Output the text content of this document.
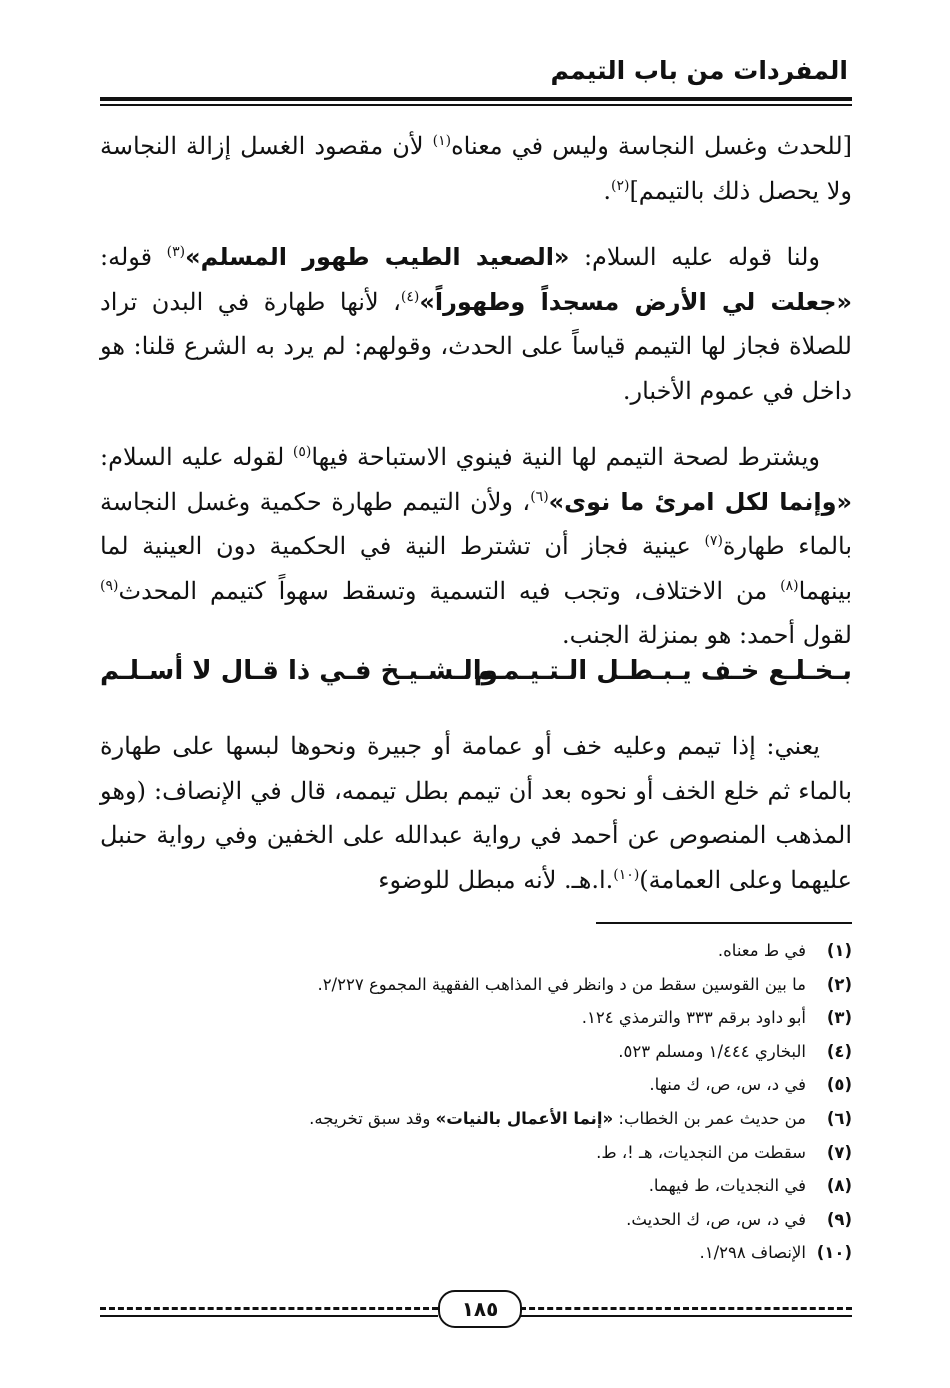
المفردات من باب التيمم

[للحدث وغسل النجاسة وليس في معناه$^{(١)}$ لأن مقصود الغسل إزالة النجاسة ولا يحصل ذلك بالتيمم]$^{(٢)}$.

ولنا قوله عليه السلام: «الصعيد الطيب طهور المسلم»$^{(٣)}$ قوله: «جعلت لي الأرض مسجداً وطهوراً»$^{(٤)}$، لأنها طهارة في البدن تراد للصلاة فجاز لها التيمم قياساً على الحدث، وقولهم: لم يرد به الشرع قلنا: هو داخل في عموم الأخبار.

ويشترط لصحة التيمم لها النية فينوي الاستباحة فيها$^{(٥)}$ لقوله عليه السلام: «وإنما لكل امرئ ما نوى»$^{(٦)}$، ولأن التيمم طهارة حكمية وغسل النجاسة بالماء طهارة$^{(٧)}$ عينية فجاز أن تشترط النية في الحكمية دون العينية لما بينهما$^{(٨)}$ من الاختلاف، وتجب فيه التسمية وتسقط سهواً كتيمم المحدث$^{(٩)}$ لقول أحمد: هو بمنزلة الجنب.

بـخـلـع خـف يـبـطـل الـتـيـمـم
والـشـيـخ فـي ذا قـال لا أسـلـم

يعني: إذا تيمم وعليه خف أو عمامة أو جبيرة ونحوها لبسها على طهارة بالماء ثم خلع الخف أو نحوه بعد أن تيمم بطل تيممه، قال في الإنصاف: (وهو المذهب المنصوص عن أحمد في رواية عبدالله على الخفين وفي رواية حنبل عليهما وعلى العمامة)$^{(١٠)}$.ا.هـ. لأنه مبطل للوضوء

(١)في ط معناه.
(٢)ما بين القوسين سقط من د وانظر في المذاهب الفقهية المجموع ٢/٢٢٧.
(٣)أبو داود برقم ٣٣٣ والترمذي ١٢٤.
(٤)البخاري ١/٤٤٤ ومسلم ٥٢٣.
(٥)في د، س، ص، ك منها.
(٦)من حديث عمر بن الخطاب: «إنما الأعمال بالنيات» وقد سبق تخريجه.
(٧)سقطت من النجديات، هـ !، ط.
(٨)في النجديات، ط فيهما.
(٩)في د، س، ص، ك الحديث.
(١٠)الإنصاف ١/٢٩٨.
١٨٥
